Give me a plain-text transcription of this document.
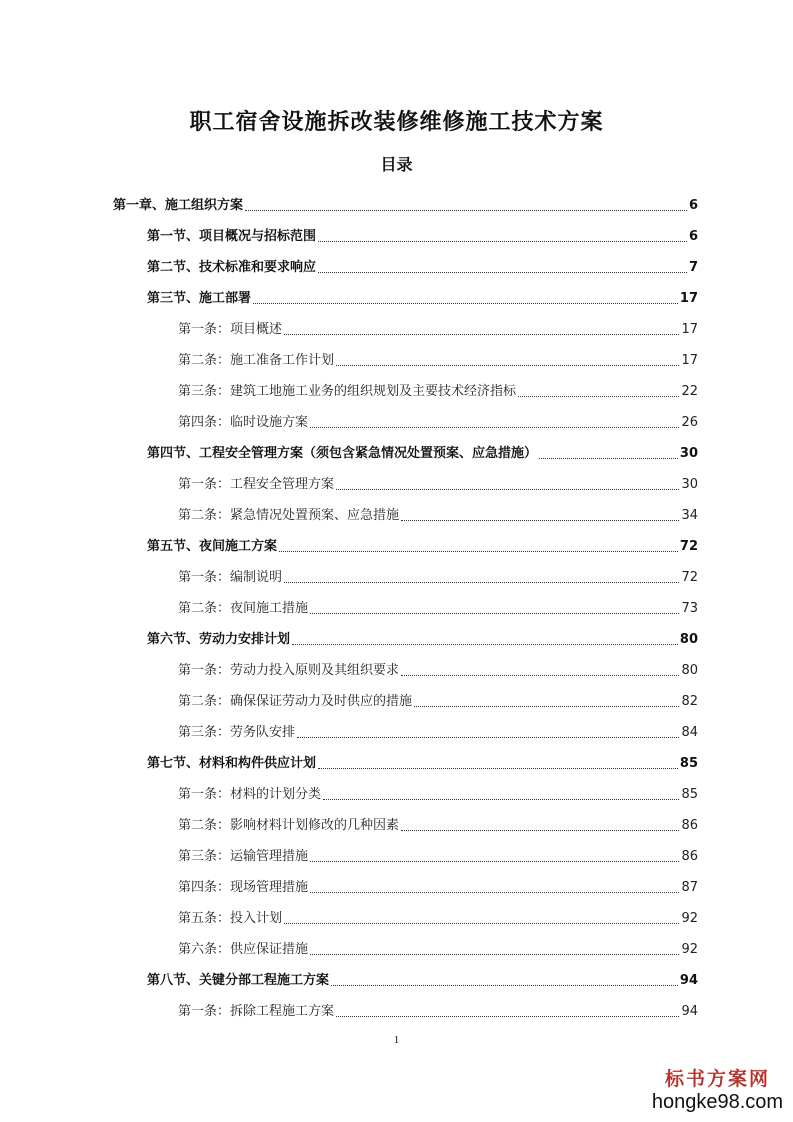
职工宿舍设施拆改装修维修施工技术方案
目录
第一章、施工组织方案	6
第一节、项目概况与招标范围	6
第二节、技术标准和要求响应	7
第三节、施工部署	17
第一条：项目概述	17
第二条：施工准备工作计划	17
第三条：建筑工地施工业务的组织规划及主要技术经济指标	22
第四条：临时设施方案	26
第四节、工程安全管理方案（须包含紧急情况处置预案、应急措施）	30
第一条：工程安全管理方案	30
第二条：紧急情况处置预案、应急措施	34
第五节、夜间施工方案	72
第一条：编制说明	72
第二条：夜间施工措施	73
第六节、劳动力安排计划	80
第一条：劳动力投入原则及其组织要求	80
第二条：确保保证劳动力及时供应的措施	82
第三条：劳务队安排	84
第七节、材料和构件供应计划	85
第一条：材料的计划分类	85
第二条：影响材料计划修改的几种因素	86
第三条：运输管理措施	86
第四条：现场管理措施	87
第五条：投入计划	92
第六条：供应保证措施	92
第八节、关键分部工程施工方案	94
第一条：拆除工程施工方案	94
1
标书方案网
hongke98.com
